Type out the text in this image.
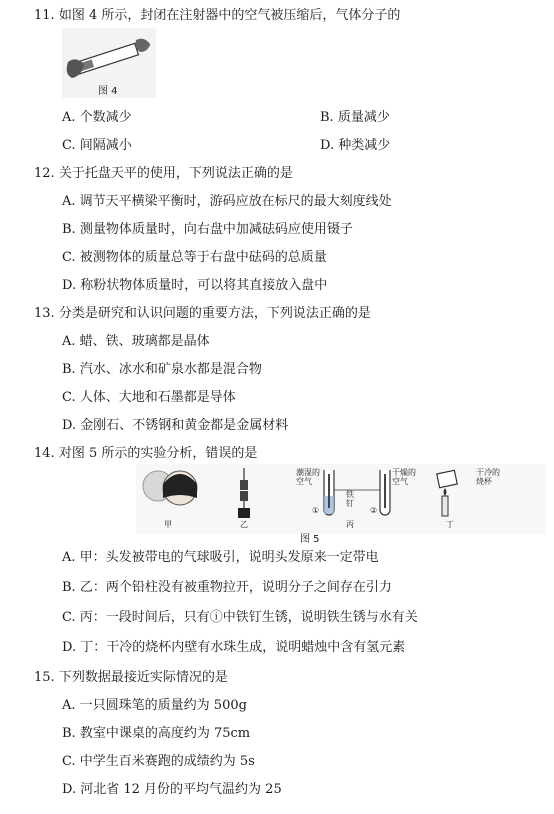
11. 如图 4 所示，封闭在注射器中的空气被压缩后，气体分子的
图 4
A. 个数减少	B. 质量减少
C. 间隔减小	D. 种类减少
12. 关于托盘天平的使用，下列说法正确的是
A. 调节天平横梁平衡时，游码应放在标尺的最大刻度线处
B. 测量物体质量时，向右盘中加减砝码应使用镊子
C. 被测物体的质量总等于右盘中砝码的总质量
D. 称粉状物体质量时，可以将其直接放入盘中
13. 分类是研究和认识问题的重要方法，下列说法正确的是
A. 蜡、铁、玻璃都是晶体
B. 汽水、冰水和矿泉水都是混合物
C. 人体、大地和石墨都是导体
D. 金刚石、不锈钢和黄金都是金属材料
14. 对图 5 所示的实验分析，错误的是
甲	乙	丙	丁
潮湿的
空气
干燥的
空气
铁
钉
①	②
干冷的
烧杯
图 5
A. 甲：头发被带电的气球吸引，说明头发原来一定带电
B. 乙：两个铅柱没有被重物拉开，说明分子之间存在引力
C. 丙：一段时间后，只有ⓘ中铁钉生锈，说明铁生锈与水有关
D. 丁：干冷的烧杯内壁有水珠生成，说明蜡烛中含有氢元素
15. 下列数据最接近实际情况的是
A. 一只圆珠笔的质量约为 500g
B. 教室中课桌的高度约为 75cm
C. 中学生百米赛跑的成绩约为 5s
D. 河北省 12 月份的平均气温约为 25
